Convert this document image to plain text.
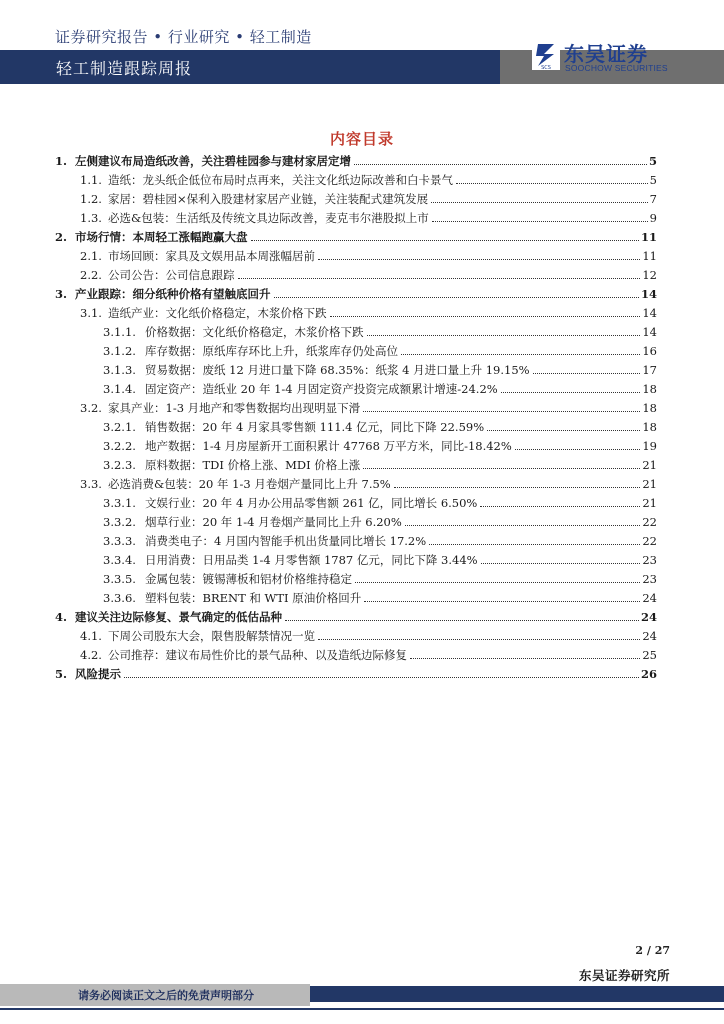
证券研究报告 • 行业研究 • 轻工制造
轻工制造跟踪周报	SCS
东吴证券
SOOCHOW SECURITIES
内容目录
1. 左侧建议布局造纸改善，关注碧桂园参与建材家居定增	5
1.1. 造纸：龙头纸企低位布局时点再来，关注文化纸边际改善和白卡景气	5
1.2. 家居：碧桂园×保利入股建材家居产业链，关注装配式建筑发展	7
1.3. 必选&包装：生活纸及传统文具边际改善，麦克韦尔港股拟上市	9
2. 市场行情：本周轻工涨幅跑赢大盘	11
2.1. 市场回顾：家具及文娱用品本周涨幅居前	11
2.2. 公司公告：公司信息跟踪	12
3. 产业跟踪：细分纸种价格有望触底回升	14
3.1. 造纸产业：文化纸价格稳定，木浆价格下跌	14
3.1.1. 价格数据：文化纸价格稳定，木浆价格下跌	14
3.1.2. 库存数据：原纸库存环比上升，纸浆库存仍处高位	16
3.1.3. 贸易数据：废纸 12 月进口量下降 68.35%：纸浆 4 月进口量上升 19.15%	17
3.1.4. 固定资产：造纸业 20 年 1-4 月固定资产投资完成额累计增速-24.2%	18
3.2. 家具产业：1-3 月地产和零售数据均出现明显下滑	18
3.2.1. 销售数据：20 年 4 月家具零售额 111.4 亿元，同比下降 22.59%	18
3.2.2. 地产数据：1-4 月房屋新开工面积累计 47768 万平方米，同比-18.42%	19
3.2.3. 原料数据：TDI 价格上涨、MDI 价格上涨	21
3.3. 必选消费&包装：20 年 1-3 月卷烟产量同比上升 7.5%	21
3.3.1. 文娱行业：20 年 4 月办公用品零售额 261 亿，同比增长 6.50%	21
3.3.2. 烟草行业：20 年 1-4 月卷烟产量同比上升 6.20%	22
3.3.3. 消费类电子：4 月国内智能手机出货量同比增长 17.2%	22
3.3.4. 日用消费：日用品类 1-4 月零售额 1787 亿元，同比下降 3.44%	23
3.3.5. 金属包装：镀锡薄板和铝材价格维持稳定	23
3.3.6. 塑料包装：BRENT 和 WTI 原油价格回升	24
4. 建议关注边际修复、景气确定的低估品种	24
4.1. 下周公司股东大会，限售股解禁情况一览	24
4.2. 公司推荐：建议布局性价比的景气品种、以及造纸边际修复	25
5. 风险提示	26
2 / 27
东吴证券研究所
请务必阅读正文之后的免责声明部分
